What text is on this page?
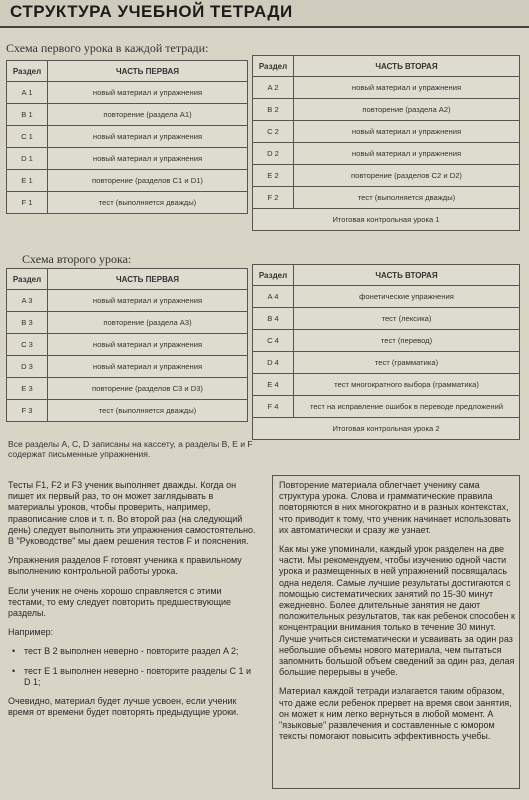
СТРУКТУРА УЧЕБНОЙ ТЕТРАДИ
Схема первого урока в каждой тетради:
Раздел	ЧАСТЬ ПЕРВАЯ
A 1	новый материал и упражнения
B 1	повторение (раздела A1)
C 1	новый материал и упражнения
D 1	новый материал и упражнения
E 1	повторение (разделов C1 и D1)
F 1	тест (выполняется дважды)
Раздел	ЧАСТЬ ВТОРАЯ
A 2	новый материал и упражнения
B 2	повторение (раздела A2)
C 2	новый материал и упражнения
D 2	новый материал и упражнения
E 2	повторение (разделов C2 и D2)
F 2	тест (выполняется дважды)
Итоговая контрольная урока 1	
Схема второго урока:
Раздел	ЧАСТЬ ПЕРВАЯ
A 3	новый материал и упражнения
B 3	повторение (раздела A3)
C 3	новый материал и упражнения
D 3	новый материал и упражнения
E 3	повторение (разделов C3 и D3)
F 3	тест (выполняется дважды)
Раздел	ЧАСТЬ ВТОРАЯ
A 4	фонетические упражнения
B 4	тест (лексика)
C 4	тест (перевод)
D 4	тест (грамматика)
E 4	тест многократного выбора (грамматика)
F 4	тест на исправление ошибок в переводе предложений
Итоговая контрольная урока 2	
Все разделы A, C, D записаны на кассету, а разделы B, E и F содержат письменные упражнения.

Тесты F1, F2 и F3 ученик выполняет дважды. Когда он пишет их первый раз, то он может заглядывать в материалы уроков, чтобы проверить, например, правописание слов и т. п. Во второй раз (на следующий день) следует выполнить эти упражнения самостоятельно. В "Руководстве" мы даем решения тестов F и пояснения.

Упражнения разделов F готовят ученика к правильному выполнению контрольной работы урока.

Если ученик не очень хорошо справляется с этими тестами, то ему следует повторить предшествующие разделы.

Например:

• тест B 2 выполнен неверно - повторите раздел A 2;

• тест E 1 выполнен неверно - повторите разделы C 1 и D 1;

Очевидно, материал будет лучше усвоен, если ученик время от времени будет повторять предыдущие уроки.

Повторение материала облегчает ученику сама структура урока. Слова и грамматические правила повторяются в них многократно и в разных контекстах, что приводит к тому, что ученик начинает использовать их автоматически и сразу же узнает.

Как мы уже упоминали, каждый урок разделен на две части. Мы рекомендуем, чтобы изучению одной части урока и размещенных в ней упражнений посвящалась одна неделя. Самые лучшие результаты достигаются с помощью систематических занятий по 15-30 минут ежедневно. Более длительные занятия не дают положительных результатов, так как ребенок способен к концентрации внимания только в течение 30 минут. Лучше учиться систематически и усваивать за один раз небольшие объемы нового материала, чем пытаться запомнить большой объем сведений за один раз, делая большие перерывы в учебе.

Материал каждой тетради излагается таким образом, что даже если ребенок прервет на время свои занятия, он может к ним легко вернуться в любой момент. А "языковые" развлечения и составленные с юмором тексты помогают повысить эффективность учебы.
